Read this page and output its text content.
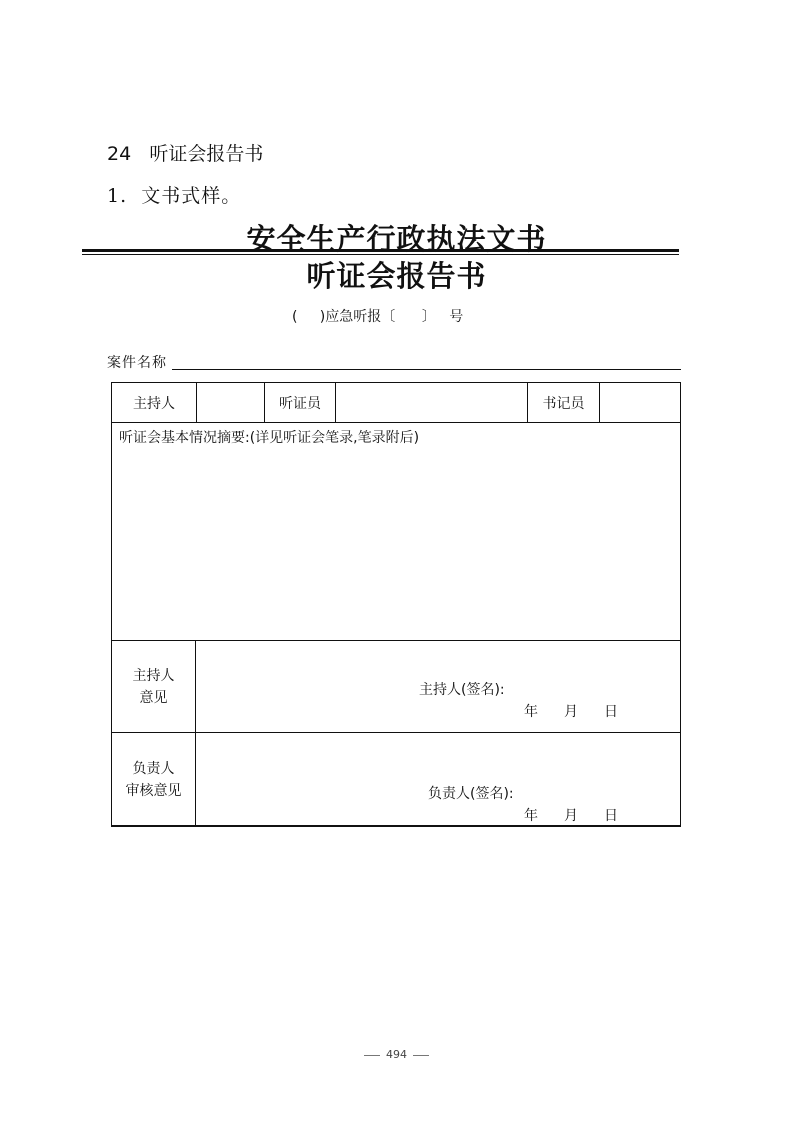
24 听证会报告书
1. 文书式样。
安全生产行政执法文书
听证会报告书
( )应急听报〔 〕 号
案件名称
主持人	听证员	书记员
听证会基本情况摘要:(详见听证会笔录,笔录附后)
主持人
意见	主持人(签名):
年 月 日
负责人
审核意见	负责人(签名):
年 月 日
494
